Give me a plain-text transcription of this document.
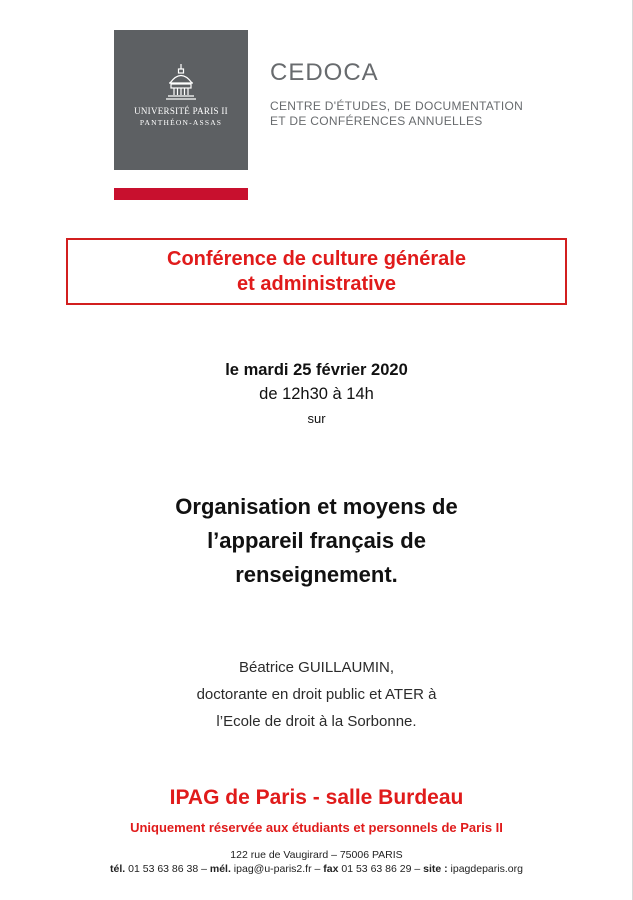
UNIVERSITÉ PARIS II
PANTHÉON-ASSAS
CEDOCA
CENTRE D'ÉTUDES, DE DOCUMENTATION
ET DE CONFÉRENCES ANNUELLES
Conférence de culture générale
et administrative
le mardi 25 février 2020
de 12h30 à 14h
sur
Organisation et moyens de
l’appareil français de
renseignement.
Béatrice GUILLAUMIN,
doctorante en droit public et ATER à
l’Ecole de droit à la Sorbonne.
IPAG de Paris - salle Burdeau
Uniquement réservée aux étudiants et personnels de Paris II
122 rue de Vaugirard – 75006 PARIS
tél. 01 53 63 86 38 – mél. ipag@u-paris2.fr – fax 01 53 63 86 29 – site : ipagdeparis.org
